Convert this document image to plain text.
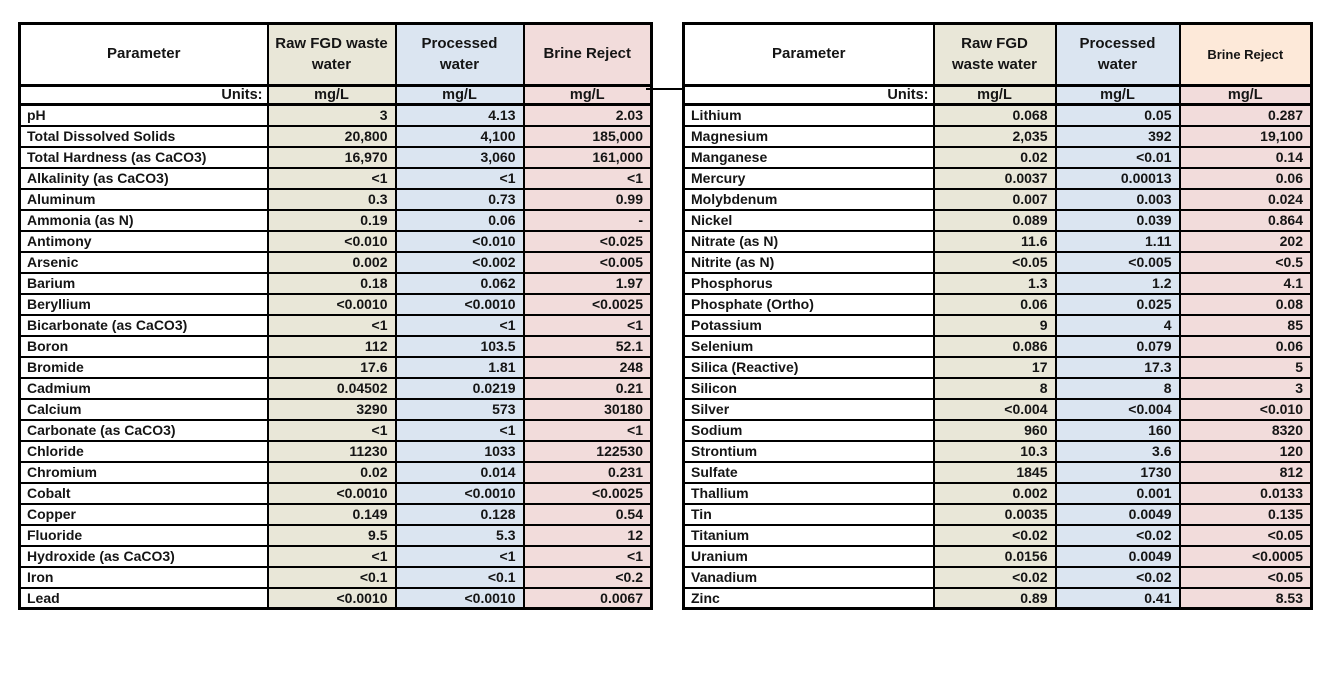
Parameter	Raw FGD waste water	Processed water	Brine Reject
Units:	mg/L	mg/L	mg/L
pH	3	4.13	2.03
Total Dissolved Solids	20,800	4,100	185,000
Total Hardness (as CaCO3)	16,970	3,060	161,000
Alkalinity (as CaCO3)	<1	<1	<1
Aluminum	0.3	0.73	0.99
Ammonia (as N)	0.19	0.06	-
Antimony	<0.010	<0.010	<0.025
Arsenic	0.002	<0.002	<0.005
Barium	0.18	0.062	1.97
Beryllium	<0.0010	<0.0010	<0.0025
Bicarbonate (as CaCO3)	<1	<1	<1
Boron	112	103.5	52.1
Bromide	17.6	1.81	248
Cadmium	0.04502	0.0219	0.21
Calcium	3290	573	30180
Carbonate (as CaCO3)	<1	<1	<1
Chloride	11230	1033	122530
Chromium	0.02	0.014	0.231
Cobalt	<0.0010	<0.0010	<0.0025
Copper	0.149	0.128	0.54
Fluoride	9.5	5.3	12
Hydroxide (as CaCO3)	<1	<1	<1
Iron	<0.1	<0.1	<0.2
Lead	<0.0010	<0.0010	0.0067
Parameter	Raw FGD waste water	Processed water	Brine Reject
Units:	mg/L	mg/L	mg/L
Lithium	0.068	0.05	0.287
Magnesium	2,035	392	19,100
Manganese	0.02	<0.01	0.14
Mercury	0.0037	0.00013	0.06
Molybdenum	0.007	0.003	0.024
Nickel	0.089	0.039	0.864
Nitrate (as N)	11.6	1.11	202
Nitrite (as N)	<0.05	<0.005	<0.5
Phosphorus	1.3	1.2	4.1
Phosphate (Ortho)	0.06	0.025	0.08
Potassium	9	4	85
Selenium	0.086	0.079	0.06
Silica (Reactive)	17	17.3	5
Silicon	8	8	3
Silver	<0.004	<0.004	<0.010
Sodium	960	160	8320
Strontium	10.3	3.6	120
Sulfate	1845	1730	812
Thallium	0.002	0.001	0.0133
Tin	0.0035	0.0049	0.135
Titanium	<0.02	<0.02	<0.05
Uranium	0.0156	0.0049	<0.0005
Vanadium	<0.02	<0.02	<0.05
Zinc	0.89	0.41	8.53
